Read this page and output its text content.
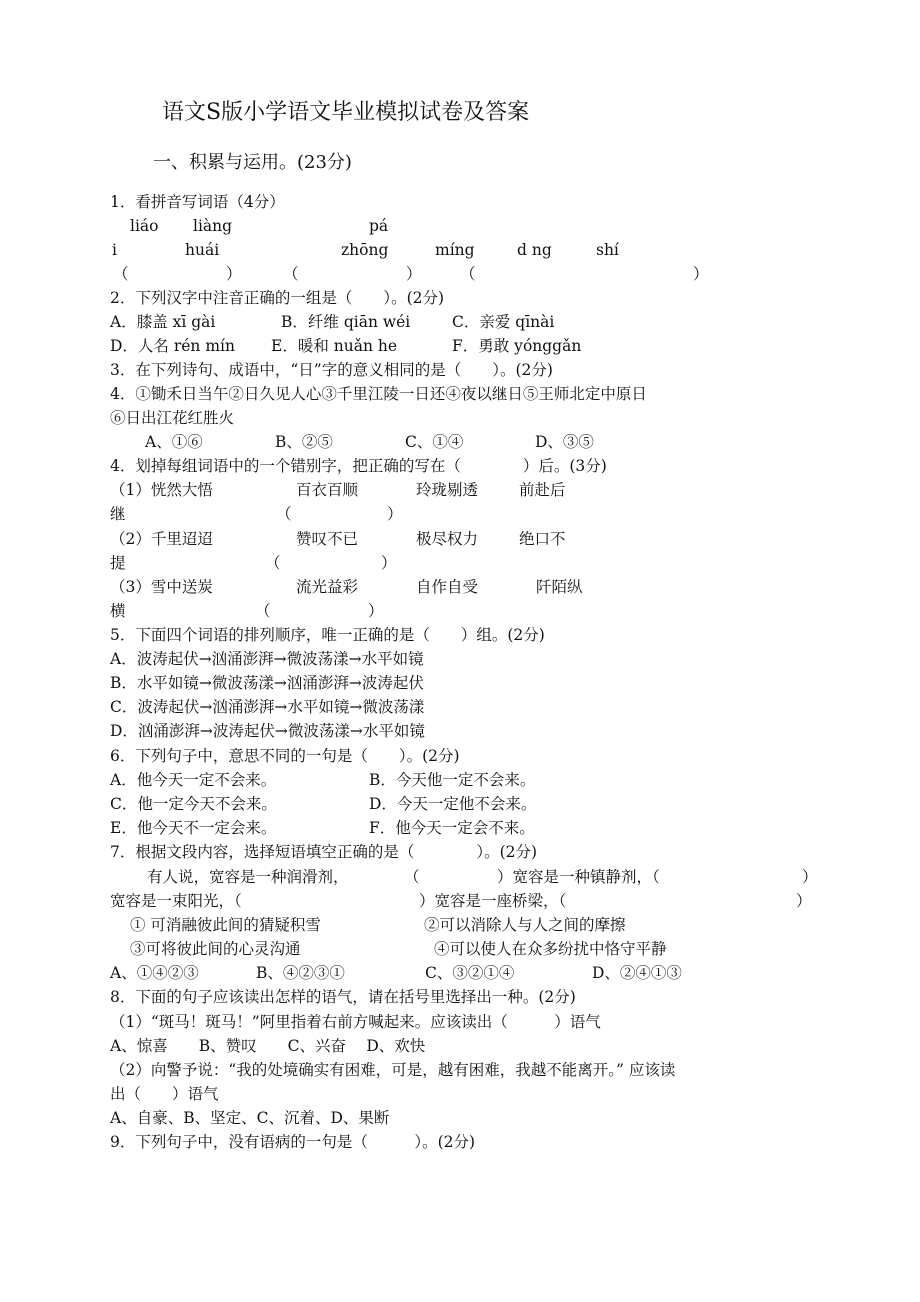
语文S版小学语文毕业模拟试卷及答案
一、积累与运用。(23分)
1．看拼音写词语（4分）
liáo liàng	pá
i	huái	zhōng	míng	d ng	shí
（	）	（	） （	）
2．下列汉字中注音正确的一组是（　　）。(2分)
A．膝盖 xī gài	B．纤维 qiān wéi	C．亲爱 qīnài
D．人名 rén mín E．暖和 nuǎn he	F．勇敢 yónggǎn
3．在下列诗句、成语中，“日”字的意义相同的是（　　）。(2分)
4．①锄禾日当午②日久见人心③千里江陵一日还④夜以继日⑤王师北定中原日
⑥日出江花红胜火
A、①⑥	B、②⑤	C、①④	D、③⑤
4．划掉每组词语中的一个错别字，把正确的写在（　　　　）后。(3分)
（1）恍然大悟	百衣百顺	玲珑剔透	前赴后
继	（	）
（2）千里迢迢	赞叹不已	极尽权力	绝口不
提	（	）
（3）雪中送炭	流光益彩	自作自受	阡陌纵
横	（	）
5．下面四个词语的排列顺序，唯一正确的是（　　）组。(2分)
A．波涛起伏→汹涌澎湃→微波荡漾→水平如镜
B．水平如镜→微波荡漾→汹涌澎湃→波涛起伏
C．波涛起伏→汹涌澎湃→水平如镜→微波荡漾
D．汹涌澎湃→波涛起伏→微波荡漾→水平如镜
6．下列句子中，意思不同的一句是（　　）。(2分)
A．他今天一定不会来。	B．今天他一定不会来。
C．他一定今天不会来。	D．今天一定他不会来。
E．他今天不一定会来。	F．他今天一定会不来。
7．根据文段内容，选择短语填空正确的是（　　　　）。(2分)
有人说，宽容是一种润滑剂，	（	）宽容是一种镇静剂，（	）
宽容是一束阳光，（	）宽容是一座桥梁，（	）
① 可消融彼此间的猜疑积雪	②可以消除人与人之间的摩擦
③可将彼此间的心灵沟通	④可以使人在众多纷扰中恪守平静
A、①④②③	B、④②③①	C、③②①④	D、②④①③
8．下面的句子应该读出怎样的语气，请在括号里选择出一种。(2分)
（1）“斑马！斑马！”阿里指着右前方喊起来。应该读出（　　　）语气
A、惊喜　　B、赞叹　　C、兴奋　 D、欢快
（2）向警予说：“我的处境确实有困难，可是，越有困难，我越不能离开。” 应该读
出（　　）语气
A、自豪、B、坚定、C、沉着、D、果断
9．下列句子中，没有语病的一句是（　　　）。(2分)
